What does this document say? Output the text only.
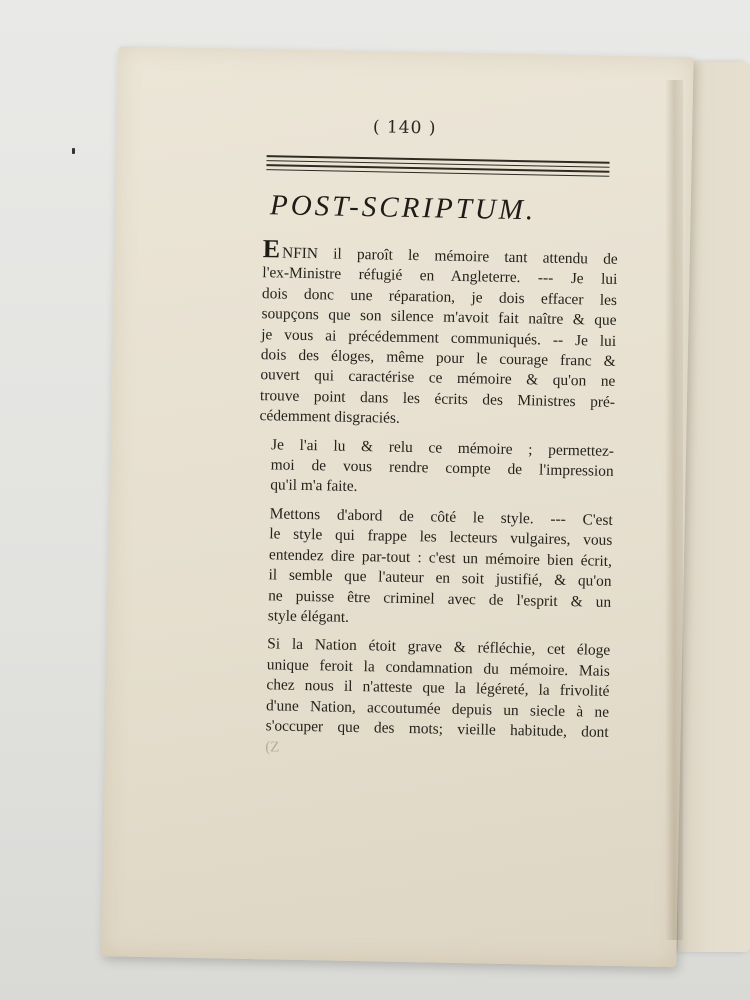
( 140 )
POST-SCRIPTUM.
ENFIN il paroît le mémoire tant attendu de
l'ex-Ministre réfugié en Angleterre. --- Je lui
dois donc une réparation, je dois effacer les
soupçons que son silence m'avoit fait naître & que
je vous ai précédemment communiqués. -- Je lui
dois des éloges, même pour le courage franc &
ouvert qui caractérise ce mémoire & qu'on ne
trouve point dans les écrits des Ministres pré-
cédemment disgraciés.
Je l'ai lu & relu ce mémoire ; permettez-
moi de vous rendre compte de l'impression
qu'il m'a faite.
Mettons d'abord de côté le style. --- C'est
le style qui frappe les lecteurs vulgaires, vous
entendez dire par-tout : c'est un mémoire bien écrit,
il semble que l'auteur en soit justifié, & qu'on
ne puisse être criminel avec de l'esprit & un
style élégant.
Si la Nation étoit grave & réfléchie, cet éloge
unique feroit la condamnation du mémoire. Mais
chez nous il n'atteste que la légéreté, la frivolité
d'une Nation, accoutumée depuis un siecle à ne
s'occuper que des mots; vieille habitude, dont
(Z
